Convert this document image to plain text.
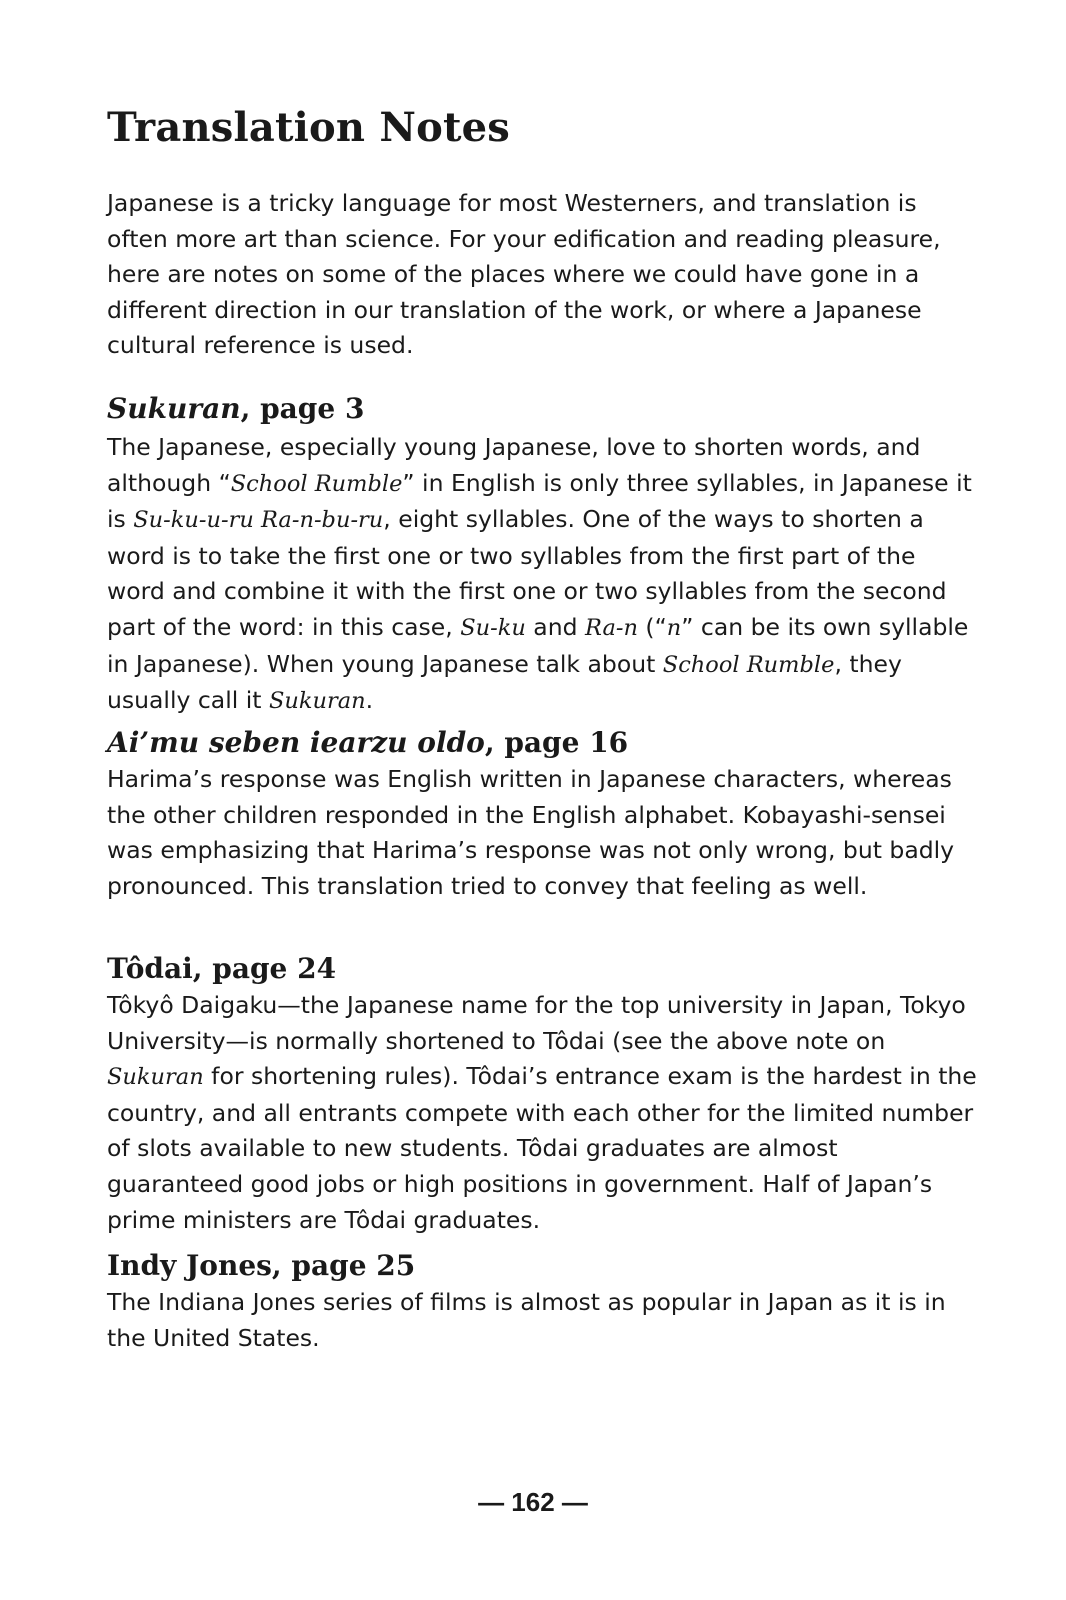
Translation Notes

Japanese is a tricky language for most Westerners, and translation is often more art than science. For your edification and reading pleasure, here are notes on some of the places where we could have gone in a different direction in our translation of the work, or where a Japanese cultural reference is used.

Sukuran, page 3

The Japanese, especially young Japanese, love to shorten words, and although “School Rumble” in English is only three syllables, in Japanese it is Su-ku-u-ru Ra-n-bu-ru, eight syllables. One of the ways to shorten a word is to take the first one or two syllables from the first part of the word and combine it with the first one or two syllables from the second part of the word: in this case, Su-ku and Ra-n (“n” can be its own syllable in Japanese). When young Japanese talk about School Rumble, they usually call it Sukuran.

Ai’mu seben iearzu oldo, page 16

Harima’s response was English written in Japanese characters, whereas the other children responded in the English alphabet. Kobayashi-sensei was emphasizing that Harima’s response was not only wrong, but badly pronounced. This translation tried to convey that feeling as well.

Tôdai, page 24

Tôkyô Daigaku—the Japanese name for the top university in Japan, Tokyo University—is normally shortened to Tôdai (see the above note on Sukuran for shortening rules). Tôdai’s entrance exam is the hardest in the country, and all entrants compete with each other for the limited number of slots available to new students. Tôdai graduates are almost guaranteed good jobs or high positions in government. Half of Japan’s prime ministers are Tôdai graduates.

Indy Jones, page 25

The Indiana Jones series of films is almost as popular in Japan as it is in the United States.

— 162 —
